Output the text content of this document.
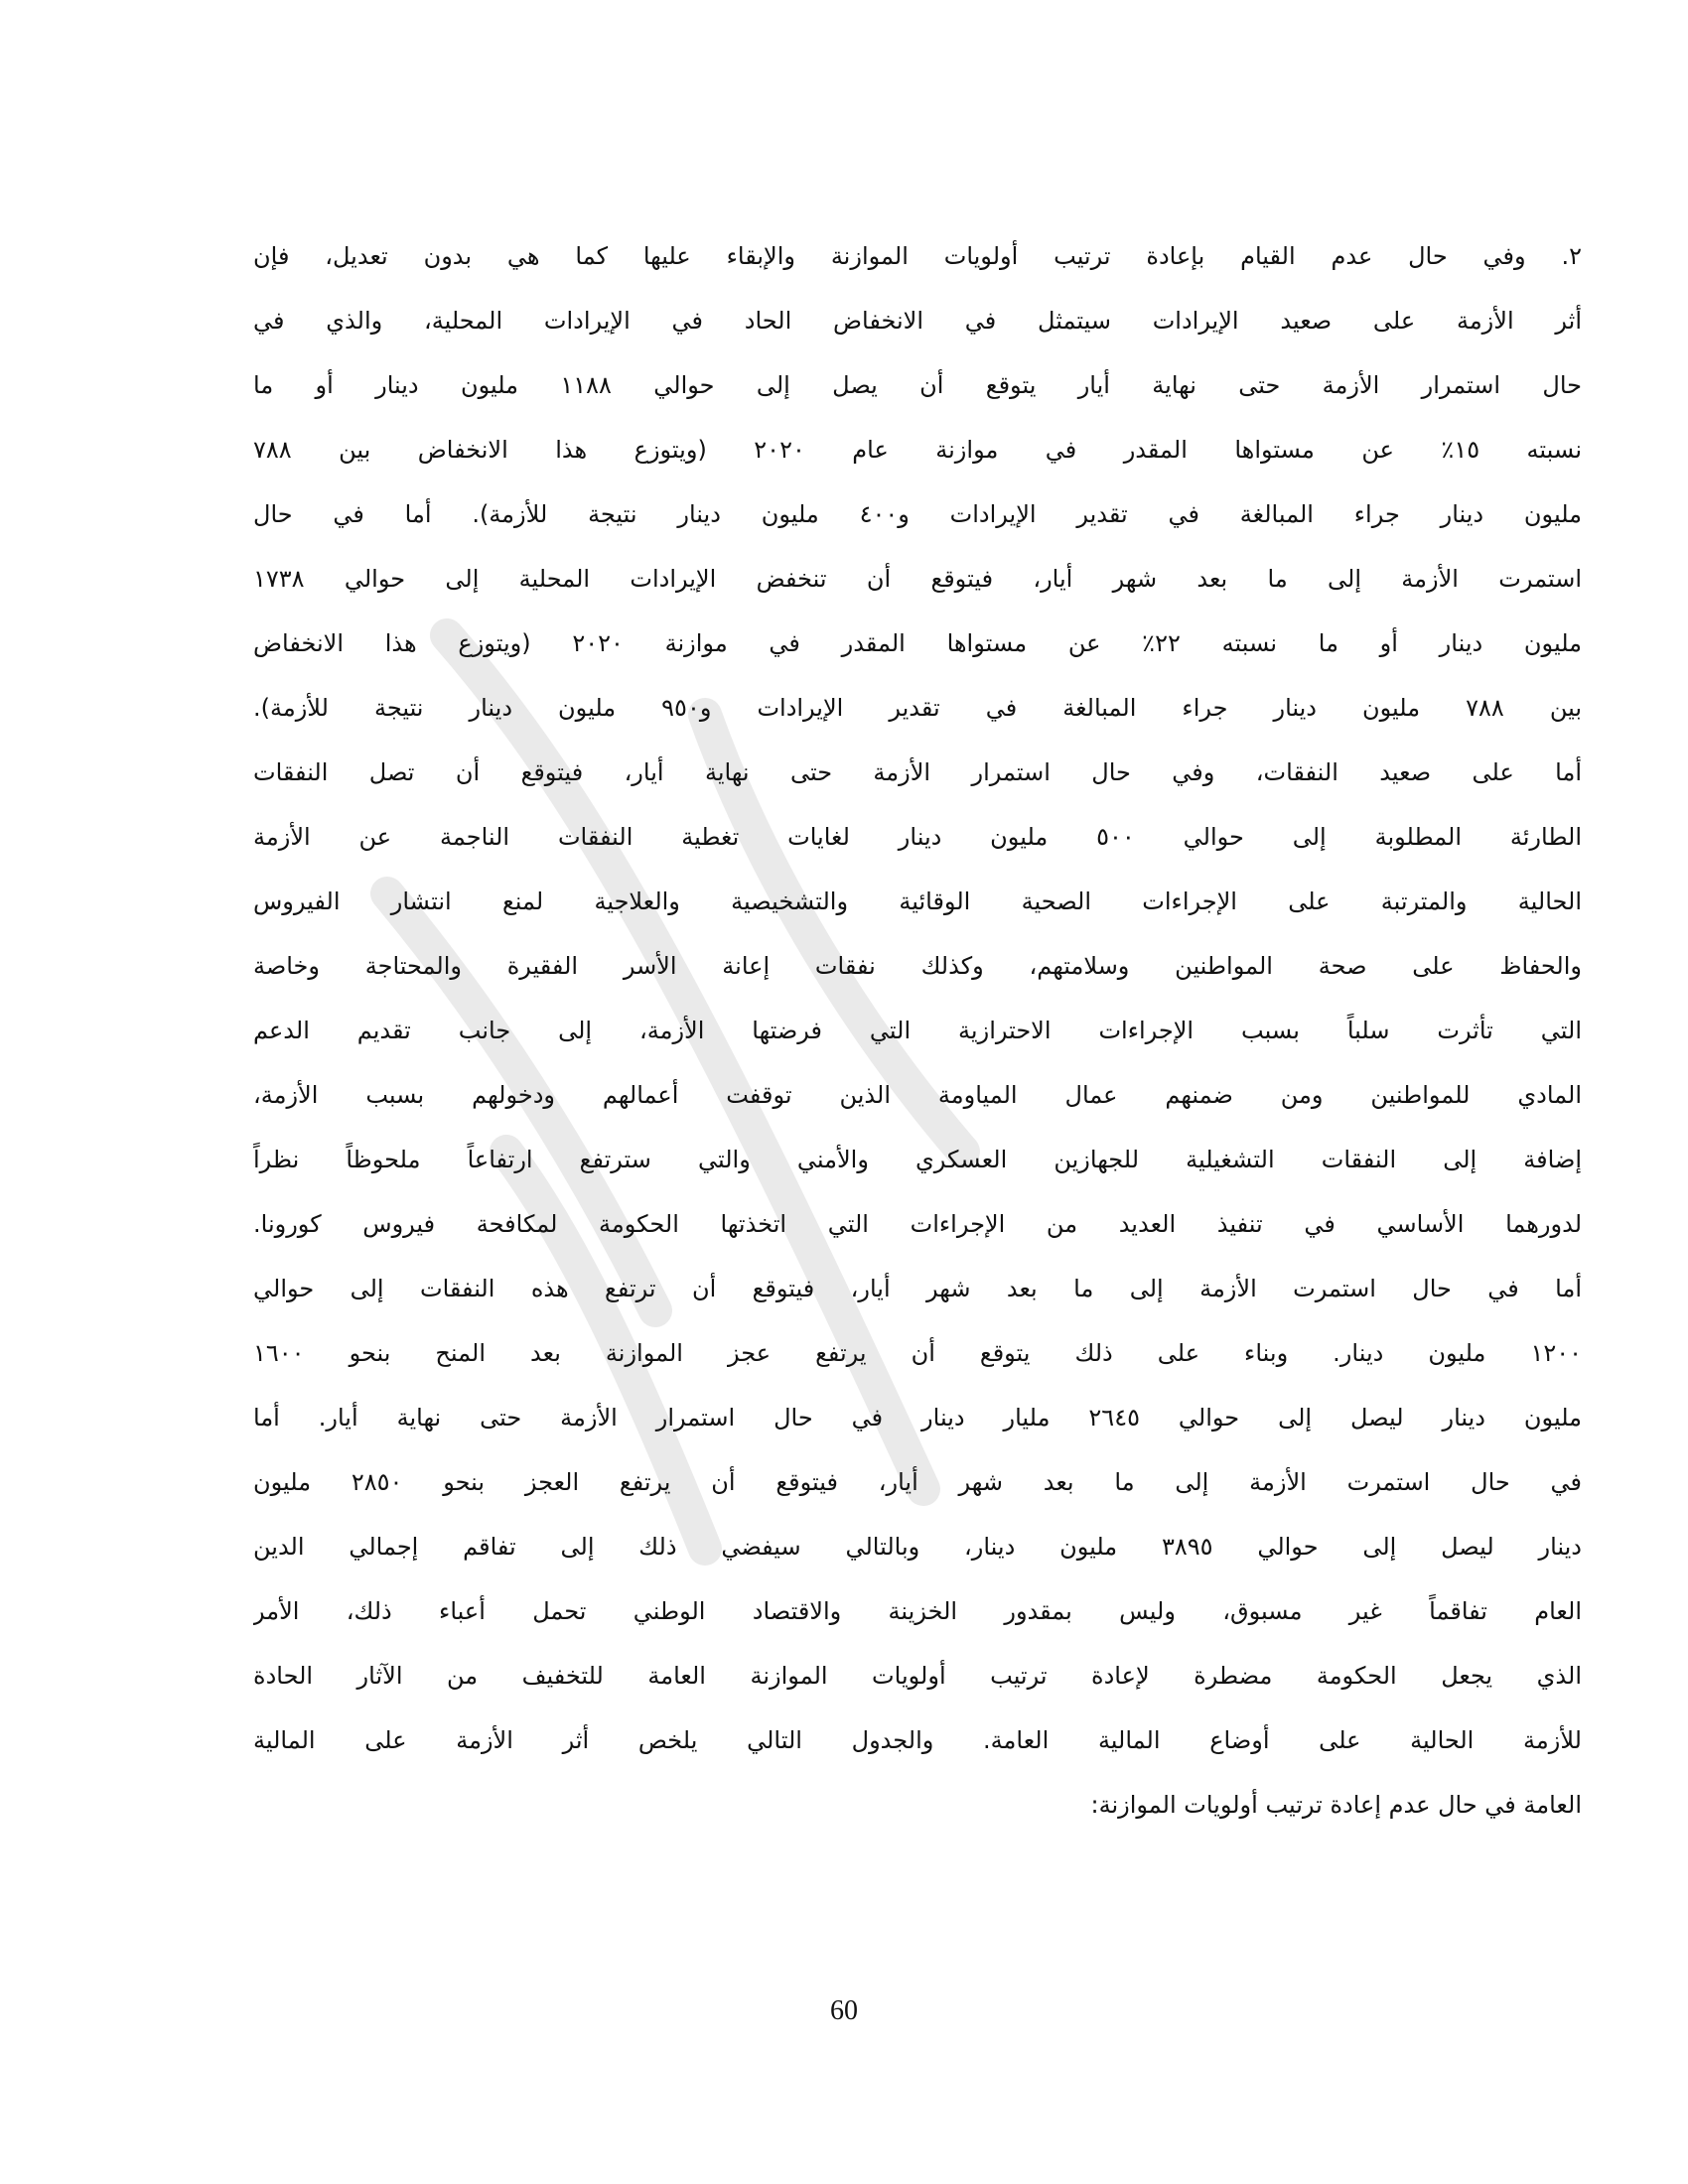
٢. وفي حال عدم القيام بإعادة ترتيب أولويات الموازنة والإبقاء عليها كما هي بدون تعديل، فإن
أثر الأزمة على صعيد الإيرادات سيتمثل في الانخفاض الحاد في الإيرادات المحلية، والذي في
حال استمرار الأزمة حتى نهاية أيار يتوقع أن يصل إلى حوالي ١١٨٨ مليون دينار أو ما
نسبته ١٥٪ عن مستواها المقدر في موازنة عام ٢٠٢٠ (ويتوزع هذا الانخفاض بين ٧٨٨
مليون دينار جراء المبالغة في تقدير الإيرادات و٤٠٠ مليون دينار نتيجة للأزمة). أما في حال
استمرت الأزمة إلى ما بعد شهر أيار، فيتوقع أن تنخفض الإيرادات المحلية إلى حوالي ١٧٣٨
مليون دينار أو ما نسبته ٢٢٪ عن مستواها المقدر في موازنة ٢٠٢٠ (ويتوزع هذا الانخفاض
بين ٧٨٨ مليون دينار جراء المبالغة في تقدير الإيرادات و٩٥٠ مليون دينار نتيجة للأزمة).
أما على صعيد النفقات، وفي حال استمرار الأزمة حتى نهاية أيار، فيتوقع أن تصل النفقات
الطارئة المطلوبة إلى حوالي ٥٠٠ مليون دينار لغايات تغطية النفقات الناجمة عن الأزمة
الحالية والمترتبة على الإجراءات الصحية الوقائية والتشخيصية والعلاجية لمنع انتشار الفيروس
والحفاظ على صحة المواطنين وسلامتهم، وكذلك نفقات إعانة الأسر الفقيرة والمحتاجة وخاصة
التي تأثرت سلباً بسبب الإجراءات الاحترازية التي فرضتها الأزمة، إلى جانب تقديم الدعم
المادي للمواطنين ومن ضمنهم عمال المياومة الذين توقفت أعمالهم ودخولهم بسبب الأزمة،
إضافة إلى النفقات التشغيلية للجهازين العسكري والأمني والتي سترتفع ارتفاعاً ملحوظاً نظراً
لدورهما الأساسي في تنفيذ العديد من الإجراءات التي اتخذتها الحكومة لمكافحة فيروس كورونا.
أما في حال استمرت الأزمة إلى ما بعد شهر أيار، فيتوقع أن ترتفع هذه النفقات إلى حوالي
١٢٠٠ مليون دينار. وبناء على ذلك يتوقع أن يرتفع عجز الموازنة بعد المنح بنحو ١٦٠٠
مليون دينار ليصل إلى حوالي ٢٦٤٥ مليار دينار في حال استمرار الأزمة حتى نهاية أيار. أما
في حال استمرت الأزمة إلى ما بعد شهر أيار، فيتوقع أن يرتفع العجز بنحو ٢٨٥٠ مليون
دينار ليصل إلى حوالي ٣٨٩٥ مليون دينار، وبالتالي سيفضي ذلك إلى تفاقم إجمالي الدين
العام تفاقماً غير مسبوق، وليس بمقدور الخزينة والاقتصاد الوطني تحمل أعباء ذلك، الأمر
الذي يجعل الحكومة مضطرة لإعادة ترتيب أولويات الموازنة العامة للتخفيف من الآثار الحادة
للأزمة الحالية على أوضاع المالية العامة. والجدول التالي يلخص أثر الأزمة على المالية
العامة في حال عدم إعادة ترتيب أولويات الموازنة:
60
